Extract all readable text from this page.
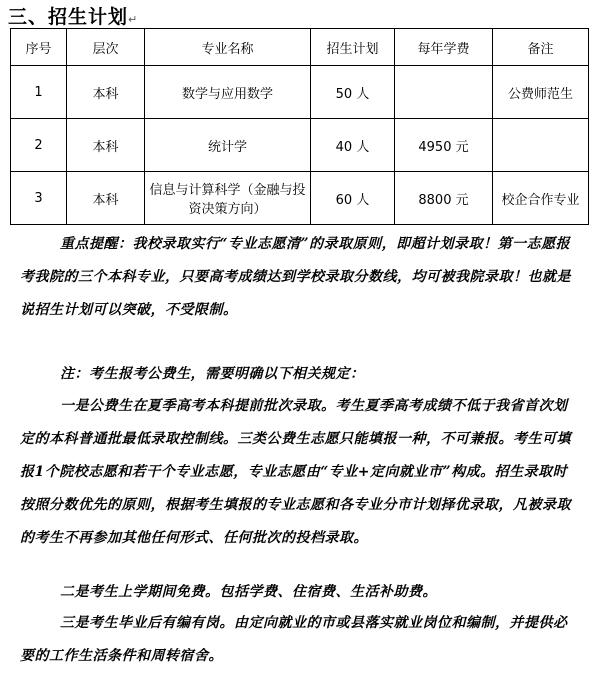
三、招生计划↵
序号	层次	专业名称	招生计划	每年学费	备注
1	本科	数学与应用数学	50 人		公费师范生
2	本科	统计学	40 人	4950 元	
3	本科	信息与计算科学（金融与投资决策方向）	60 人	8800 元	校企合作专业
重点提醒：我校录取实行“专业志愿清”的录取原则，即超计划录取！第一志愿报考我院的三个本科专业，只要高考成绩达到学校录取分数线，均可被我院录取！也就是说招生计划可以突破，不受限制。
注：考生报考公费生，需要明确以下相关规定：
一是公费生在夏季高考本科提前批次录取。考生夏季高考成绩不低于我省首次划定的本科普通批最低录取控制线。三类公费生志愿只能填报一种，不可兼报。考生可填报1个院校志愿和若干个专业志愿，专业志愿由“专业+定向就业市”构成。招生录取时按照分数优先的原则，根据考生填报的专业志愿和各专业分市计划择优录取，凡被录取的考生不再参加其他任何形式、任何批次的投档录取。
二是考生上学期间免费。包括学费、住宿费、生活补助费。
三是考生毕业后有编有岗。由定向就业的市或县落实就业岗位和编制，并提供必要的工作生活条件和周转宿舍。
